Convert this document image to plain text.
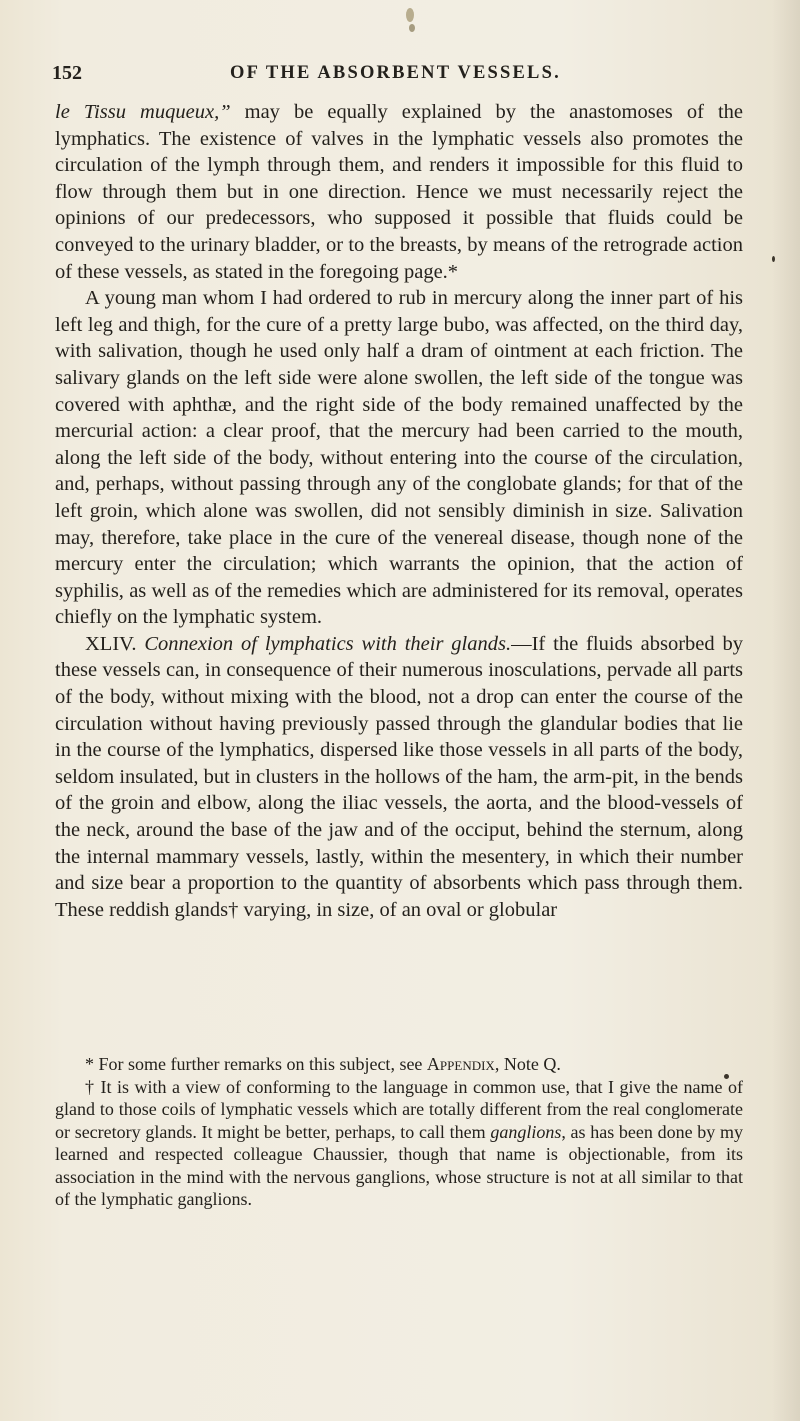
152	OF THE ABSORBENT VESSELS.

le Tissu muqueux,” may be equally explained by the anastomoses of the lymphatics. The existence of valves in the lymphatic vessels also promotes the circulation of the lymph through them, and renders it impossible for this fluid to flow through them but in one direction. Hence we must necessarily reject the opinions of our predecessors, who supposed it possible that fluids could be conveyed to the urinary bladder, or to the breasts, by means of the retrograde action of these vessels, as stated in the foregoing page.*

A young man whom I had ordered to rub in mercury along the inner part of his left leg and thigh, for the cure of a pretty large bubo, was affected, on the third day, with salivation, though he used only half a dram of ointment at each friction. The salivary glands on the left side were alone swollen, the left side of the tongue was covered with aphthæ, and the right side of the body remained unaffected by the mercurial action: a clear proof, that the mercury had been carried to the mouth, along the left side of the body, without entering into the course of the circulation, and, perhaps, without passing through any of the conglobate glands; for that of the left groin, which alone was swollen, did not sensibly diminish in size. Salivation may, therefore, take place in the cure of the venereal disease, though none of the mercury enter the circulation; which warrants the opinion, that the action of syphilis, as well as of the remedies which are administered for its removal, operates chiefly on the lymphatic system.

XLIV. Connexion of lymphatics with their glands.—If the fluids absorbed by these vessels can, in consequence of their numerous inosculations, pervade all parts of the body, without mixing with the blood, not a drop can enter the course of the circulation without having previously passed through the glandular bodies that lie in the course of the lymphatics, dispersed like those vessels in all parts of the body, seldom insulated, but in clusters in the hollows of the ham, the arm-pit, in the bends of the groin and elbow, along the iliac vessels, the aorta, and the blood-vessels of the neck, around the base of the jaw and of the occiput, behind the sternum, along the internal mammary vessels, lastly, within the mesentery, in which their number and size bear a proportion to the quantity of absorbents which pass through them. These reddish glands† varying, in size, of an oval or globular

* For some further remarks on this subject, see Appendix, Note Q.

† It is with a view of conforming to the language in common use, that I give the name of gland to those coils of lymphatic vessels which are totally different from the real conglomerate or secretory glands. It might be better, perhaps, to call them ganglions, as has been done by my learned and respected colleague Chaussier, though that name is objectionable, from its association in the mind with the nervous ganglions, whose structure is not at all similar to that of the lymphatic ganglions.
